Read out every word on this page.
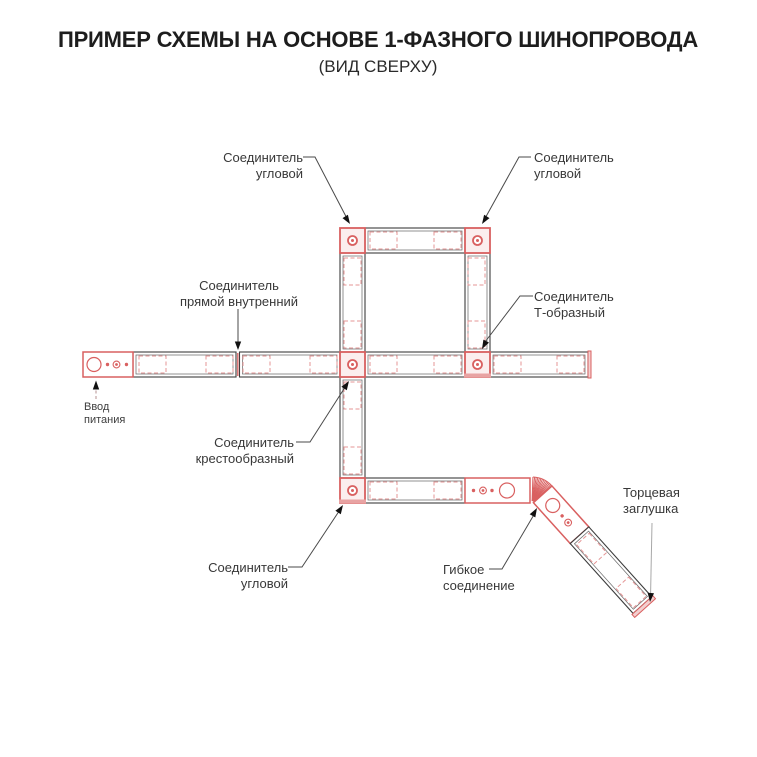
ПРИМЕР СХЕМЫ НА ОСНОВЕ 1-ФАЗНОГО ШИНОПРОВОДА
(ВИД СВЕРХУ)
Соединитель
угловой
Соединитель
угловой
Соединитель
прямой внутренний	Соединитель
Т-образный
Соединитель
крестообразный
Соединитель
угловой
Гибкое
соединение
Торцевая
заглушка
Ввод
питания
